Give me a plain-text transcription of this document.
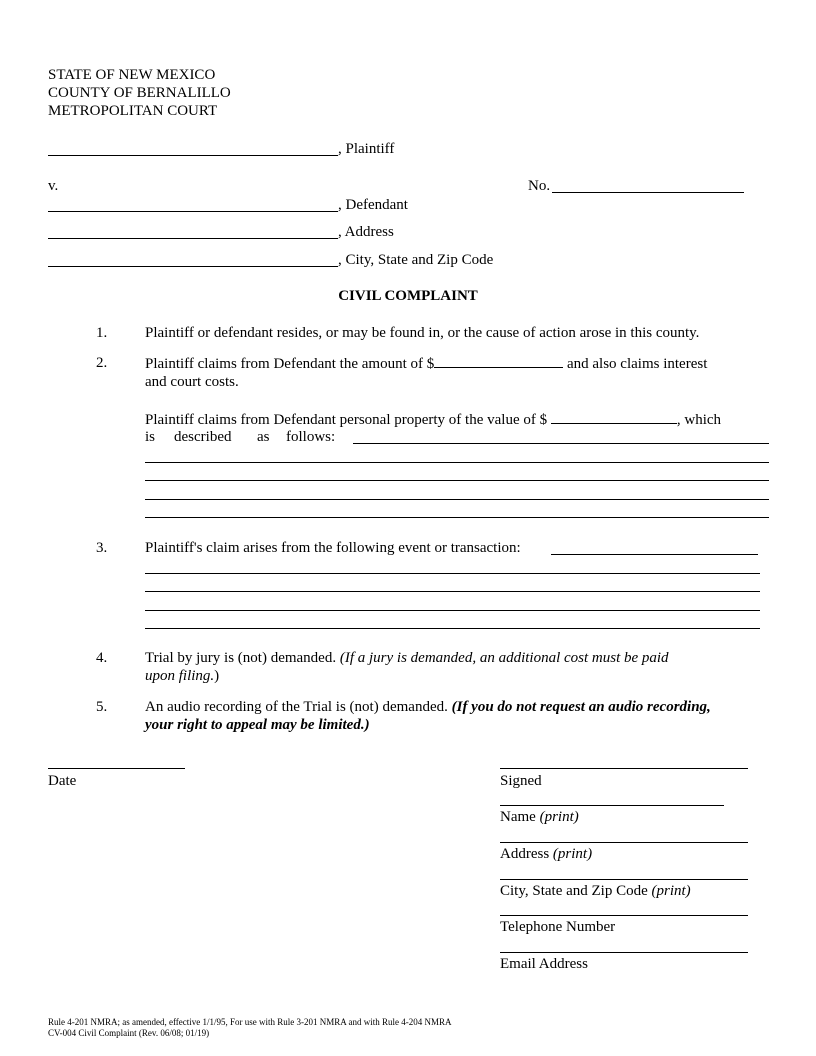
STATE OF NEW MEXICO
COUNTY OF BERNALILLO
METROPOLITAN COURT
, Plaintiff
v.	No.
, Defendant
, Address
, City, State and Zip Code
CIVIL COMPLAINT
1.	Plaintiff or defendant resides, or may be found in, or the cause of action arose in this county.
2.	Plaintiff claims from Defendant the amount of $	and also claims interest
and court costs.
Plaintiff claims from Defendant personal property of the value of $	, which
is described as follows:
3.	Plaintiff's claim arises from the following event or transaction:
4.	Trial by jury is (not) demanded. (If a jury is demanded, an additional cost must be paid
upon filing.)
5.	An audio recording of the Trial is (not) demanded. (If you do not request an audio recording,
your right to appeal may be limited.)
Date	Signed
Name (print)
Address (print)
City, State and Zip Code (print)
Telephone Number
Email Address
Rule 4-201 NMRA; as amended, effective 1/1/95, For use with Rule 3-201 NMRA and with Rule 4-204 NMRA
CV-004 Civil Complaint (Rev. 06/08; 01/19)
